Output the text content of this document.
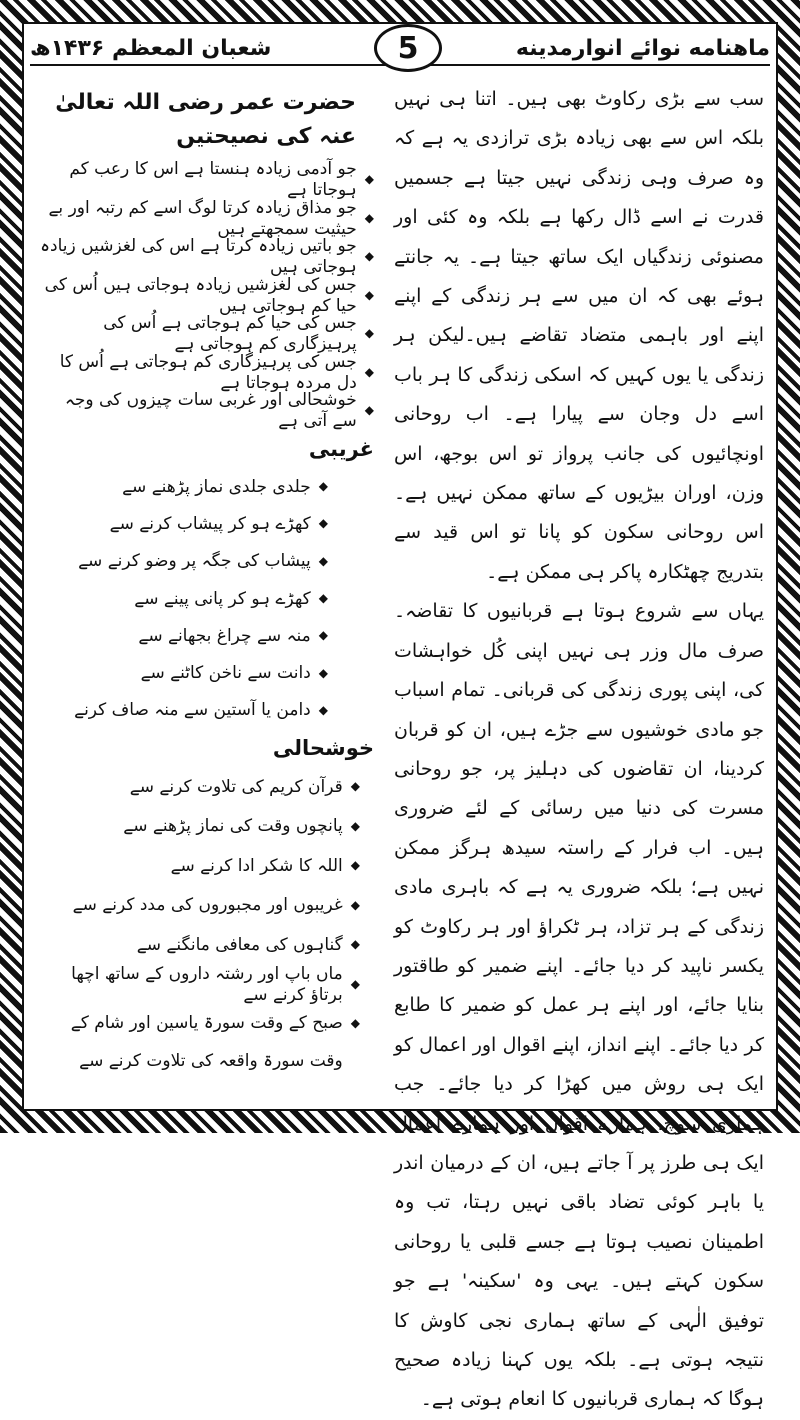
ماهنامه نوائے انوارمدینه
شعبان المعظم ۱۴۳۶ھ	5

سب سے بڑی رکاوٹ بھی ہیں۔ اتنا ہی نہیں بلکہ اس سے بھی زیادہ بڑی ترازدی یہ ہے کہ وہ صرف وہی زندگی نہیں جیتا ہے جسمیں قدرت نے اسے ڈال رکھا ہے بلکہ وہ کئی اور مصنوئی زندگیاں ایک ساتھ جیتا ہے۔ یہ جانتے ہوئے بھی کہ ان میں سے ہر زندگی کے اپنے اپنے اور باہمی متضاد تقاضے ہیں۔لیکن ہر زندگی یا یوں کہیں کہ اسکی زندگی کا ہر باب اسے دل وجان سے پیارا ہے۔ اب روحانی اونچائیوں کی جانب پرواز تو اس بوجھ، اس وزن، اوران بیڑیوں کے ساتھ ممکن نہیں ہے۔ اس روحانی سکون کو پانا تو اس قید سے بتدریج چھٹکارہ پاکر ہی ممکن ہے۔

یہاں سے شروع ہوتا ہے قربانیوں کا تقاضہ۔صرف مال وزر ہی نہیں اپنی کُل خواہشات کی، اپنی پوری زندگی کی قربانی۔ تمام اسباب جو مادی خوشیوں سے جڑے ہیں، ان کو قربان کردینا، ان تقاضوں کی دہلیز پر، جو روحانی مسرت کی دنیا میں رسائی کے لئے ضروری ہیں۔ اب فرار کے راستہ سیدھ ہرگز ممکن نہیں ہے؛ بلکہ ضروری یہ ہے کہ باہری مادی زندگی کے ہر تزاد، ہر ٹکراؤ اور ہر رکاوٹ کو یکسر ناپید کر دیا جائے۔ اپنے ضمیر کو طاقتور بنایا جائے، اور اپنے ہر عمل کو ضمیر کا طابع کر دیا جائے۔ اپنے انداز، اپنے اقوال اور اعمال کو ایک ہی روش میں کھڑا کر دیا جائے۔ جب ہماری سوچ، ہمارے اقوال اور ہمارے اعمال ایک ہی طرز پر آ جاتے ہیں، ان کے درمیان اندر یا باہر کوئی تضاد باقی نہیں رہتا، تب وہ اطمینان نصیب ہوتا ہے جسے قلبی یا روحانی سکون کہتے ہیں۔ یہی وہ 'سکینہ' ہے جو توفیق الٰہی کے ساتھ ہماری نجی کاوش کا نتیجہ ہوتی ہے۔ بلکہ یوں کہنا زیادہ صحیح ہوگا کہ ہماری قربانیوں کا انعام ہوتی ہے۔

حضرت عمر رضی اللہ تعالیٰ عنہ کی نصیحتیں
◆
جو آدمی زیادہ ہنستا ہے اس کا رعب کم ہوجاتا ہے
◆
جو مذاق زیادہ کرتا لوگ اسے کم رتبہ اور بے حیثیت سمجھتے ہیں
◆
جو باتیں زیادہ کرتا ہے اس کی لغزشیں زیادہ ہوجاتی ہیں
◆
جس کی لغزشیں زیادہ ہوجاتی ہیں اُس کی حیا کم ہوجاتی ہیں
◆
جس کی حیا کم ہوجاتی ہے اُس کی پرہیزگاری کم ہوجاتی ہے
◆
جس کی پرہیزگاری کم ہوجاتی ہے اُس کا دل مردہ ہوجاتا ہے
◆
خوشحالی اور غربی سات چیزوں کی وجہ سے آتی ہے
غریبی
◆
جلدی جلدی نماز پڑھنے سے
◆
کھڑے ہو کر پیشاب کرنے سے
◆
پیشاب کی جگہ پر وضو کرنے سے
◆
کھڑے ہو کر پانی پینے سے
◆
منہ سے چراغ بجھانے سے
◆
دانت سے ناخن کاٹنے سے
◆
دامن یا آستین سے منہ صاف کرنے
خوشحالی
◆
قرآن کریم کی تلاوت کرنے سے
◆
پانچوں وقت کی نماز پڑھنے سے
◆
اللہ کا شکر ادا کرنے سے
◆
غریبوں اور مجبوروں کی مدد کرنے سے
◆
گناہوں کی معافی مانگنے سے
◆
ماں باپ اور رشتہ داروں کے ساتھ اچھا برتاؤ کرنے سے
◆
صبح کے وقت سورۃ یاسین اور شام کے وقت سورۃ واقعہ کی تلاوت کرنے سے
